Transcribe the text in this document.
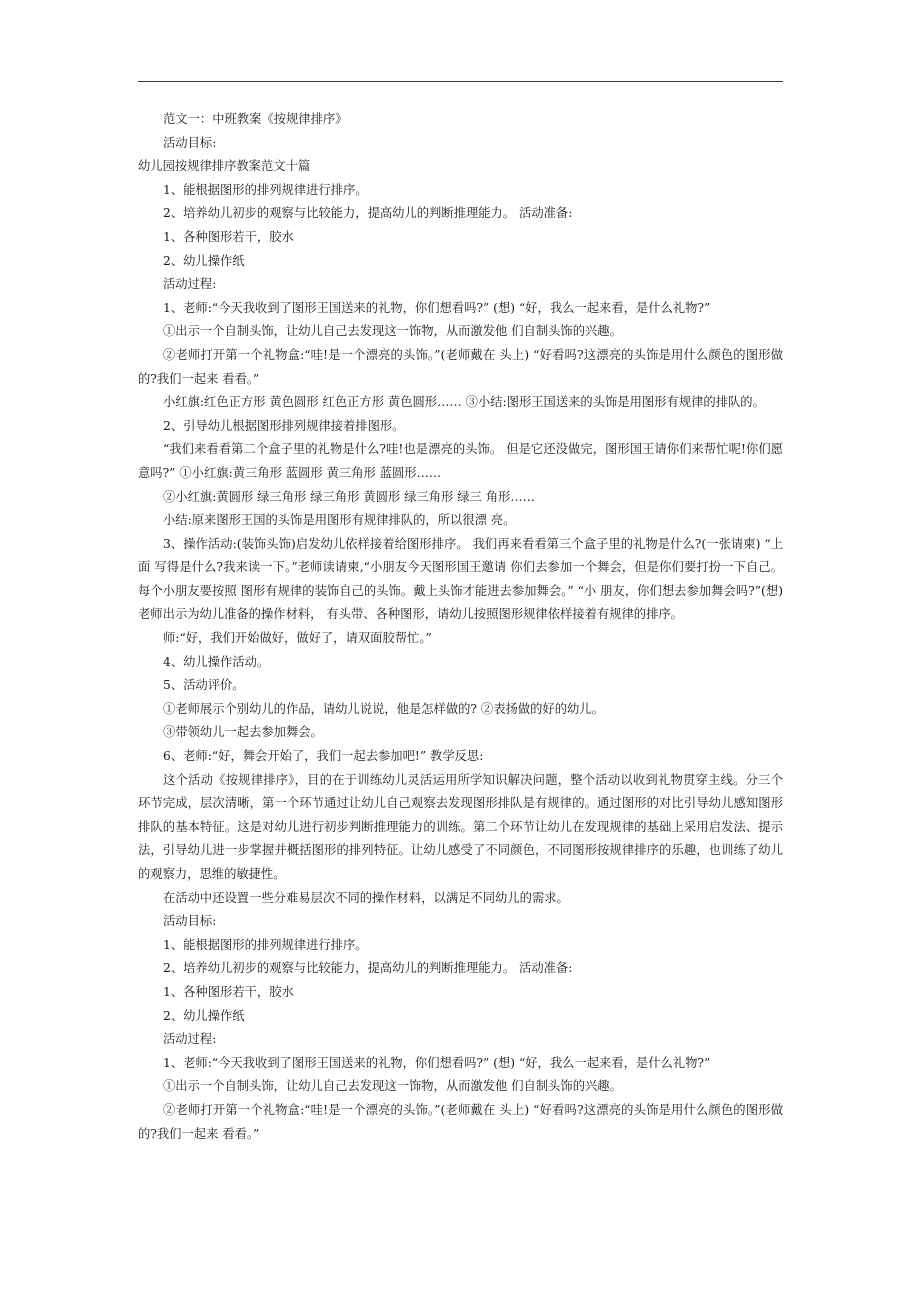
范文一：中班教案《按规律排序》

活动目标:

幼儿园按规律排序教案范文十篇

1、能根据图形的排列规律进行排序。

2、培养幼儿初步的观察与比较能力，提高幼儿的判断推理能力。 活动准备:

1、各种图形若干，胶水

2、幼儿操作纸

活动过程:

1、老师:“今天我收到了图形王国送来的礼物，你们想看吗?” (想) “好，我么一起来看，是什么礼物?”

①出示一个自制头饰，让幼儿自己去发现这一饰物，从而激发他 们自制头饰的兴趣。

②老师打开第一个礼物盒:“哇!是一个漂亮的头饰。”(老师戴在 头上) “好看吗?这漂亮的头饰是用什么颜色的图形做的?我们一起来 看看。”

小红旗:红色正方形 黄色圆形 红色正方形 黄色圆形…… ③小结:图形王国送来的头饰是用图形有规律的排队的。

2、引导幼儿根据图形排列规律接着排图形。

“我们来看看第二个盒子里的礼物是什么?哇!也是漂亮的头饰。 但是它还没做完，图形国王请你们来帮忙呢!你们愿意吗?” ①小红旗:黄三角形 蓝圆形 黄三角形 蓝圆形……

②小红旗:黄圆形 绿三角形 绿三角形 黄圆形 绿三角形 绿三 角形……

小结:原来图形王国的头饰是用图形有规律排队的，所以很漂 亮。

3、操作活动:(装饰头饰)启发幼儿依样接着给图形排序。 我们再来看看第三个盒子里的礼物是什么?(一张请柬) “上面 写得是什么?我来读一下。”老师读请柬,“小朋友今天图形国王邀请 你们去参加一个舞会，但是你们要打扮一下自己。每个小朋友要按照 图形有规律的装饰自己的头饰。戴上头饰才能进去参加舞会。” “小 朋友，你们想去参加舞会吗?”(想) 老师出示为幼儿准备的操作材料， 有头带、各种图形，请幼儿按照图形规律依样接着有规律的排序。

师:“好，我们开始做好，做好了，请双面胶帮忙。”

4、幼儿操作活动。

5、活动评价。

①老师展示个别幼儿的作品，请幼儿说说，他是怎样做的? ②表扬做的好的幼儿。

③带领幼儿一起去参加舞会。

6、老师:“好，舞会开始了，我们一起去参加吧!” 教学反思:

这个活动《按规律排序》，目的在于训练幼儿灵活运用所学知识解决问题，整个活动以收到礼物贯穿主线。分三个环节完成，层次清晰，第一个环节通过让幼儿自己观察去发现图形排队是有规律的。通过图形的对比引导幼儿感知图形排队的基本特征。这是对幼儿进行初步判断推理能力的训练。第二个环节让幼儿在发现规律的基础上采用启发法、提示法，引导幼儿进一步掌握并概括图形的排列特征。让幼儿感受了不同颜色，不同图形按规律排序的乐趣，也训练了幼儿的观察力，思维的敏捷性。

在活动中还设置一些分难易层次不同的操作材料，以满足不同幼儿的需求。

活动目标:

1、能根据图形的排列规律进行排序。

2、培养幼儿初步的观察与比较能力，提高幼儿的判断推理能力。 活动准备:

1、各种图形若干，胶水

2、幼儿操作纸

活动过程:

1、老师:“今天我收到了图形王国送来的礼物，你们想看吗?” (想) “好，我么一起来看，是什么礼物?”

①出示一个自制头饰，让幼儿自己去发现这一饰物，从而激发他 们自制头饰的兴趣。

②老师打开第一个礼物盒:“哇!是一个漂亮的头饰。”(老师戴在 头上) “好看吗?这漂亮的头饰是用什么颜色的图形做的?我们一起来 看看。”
